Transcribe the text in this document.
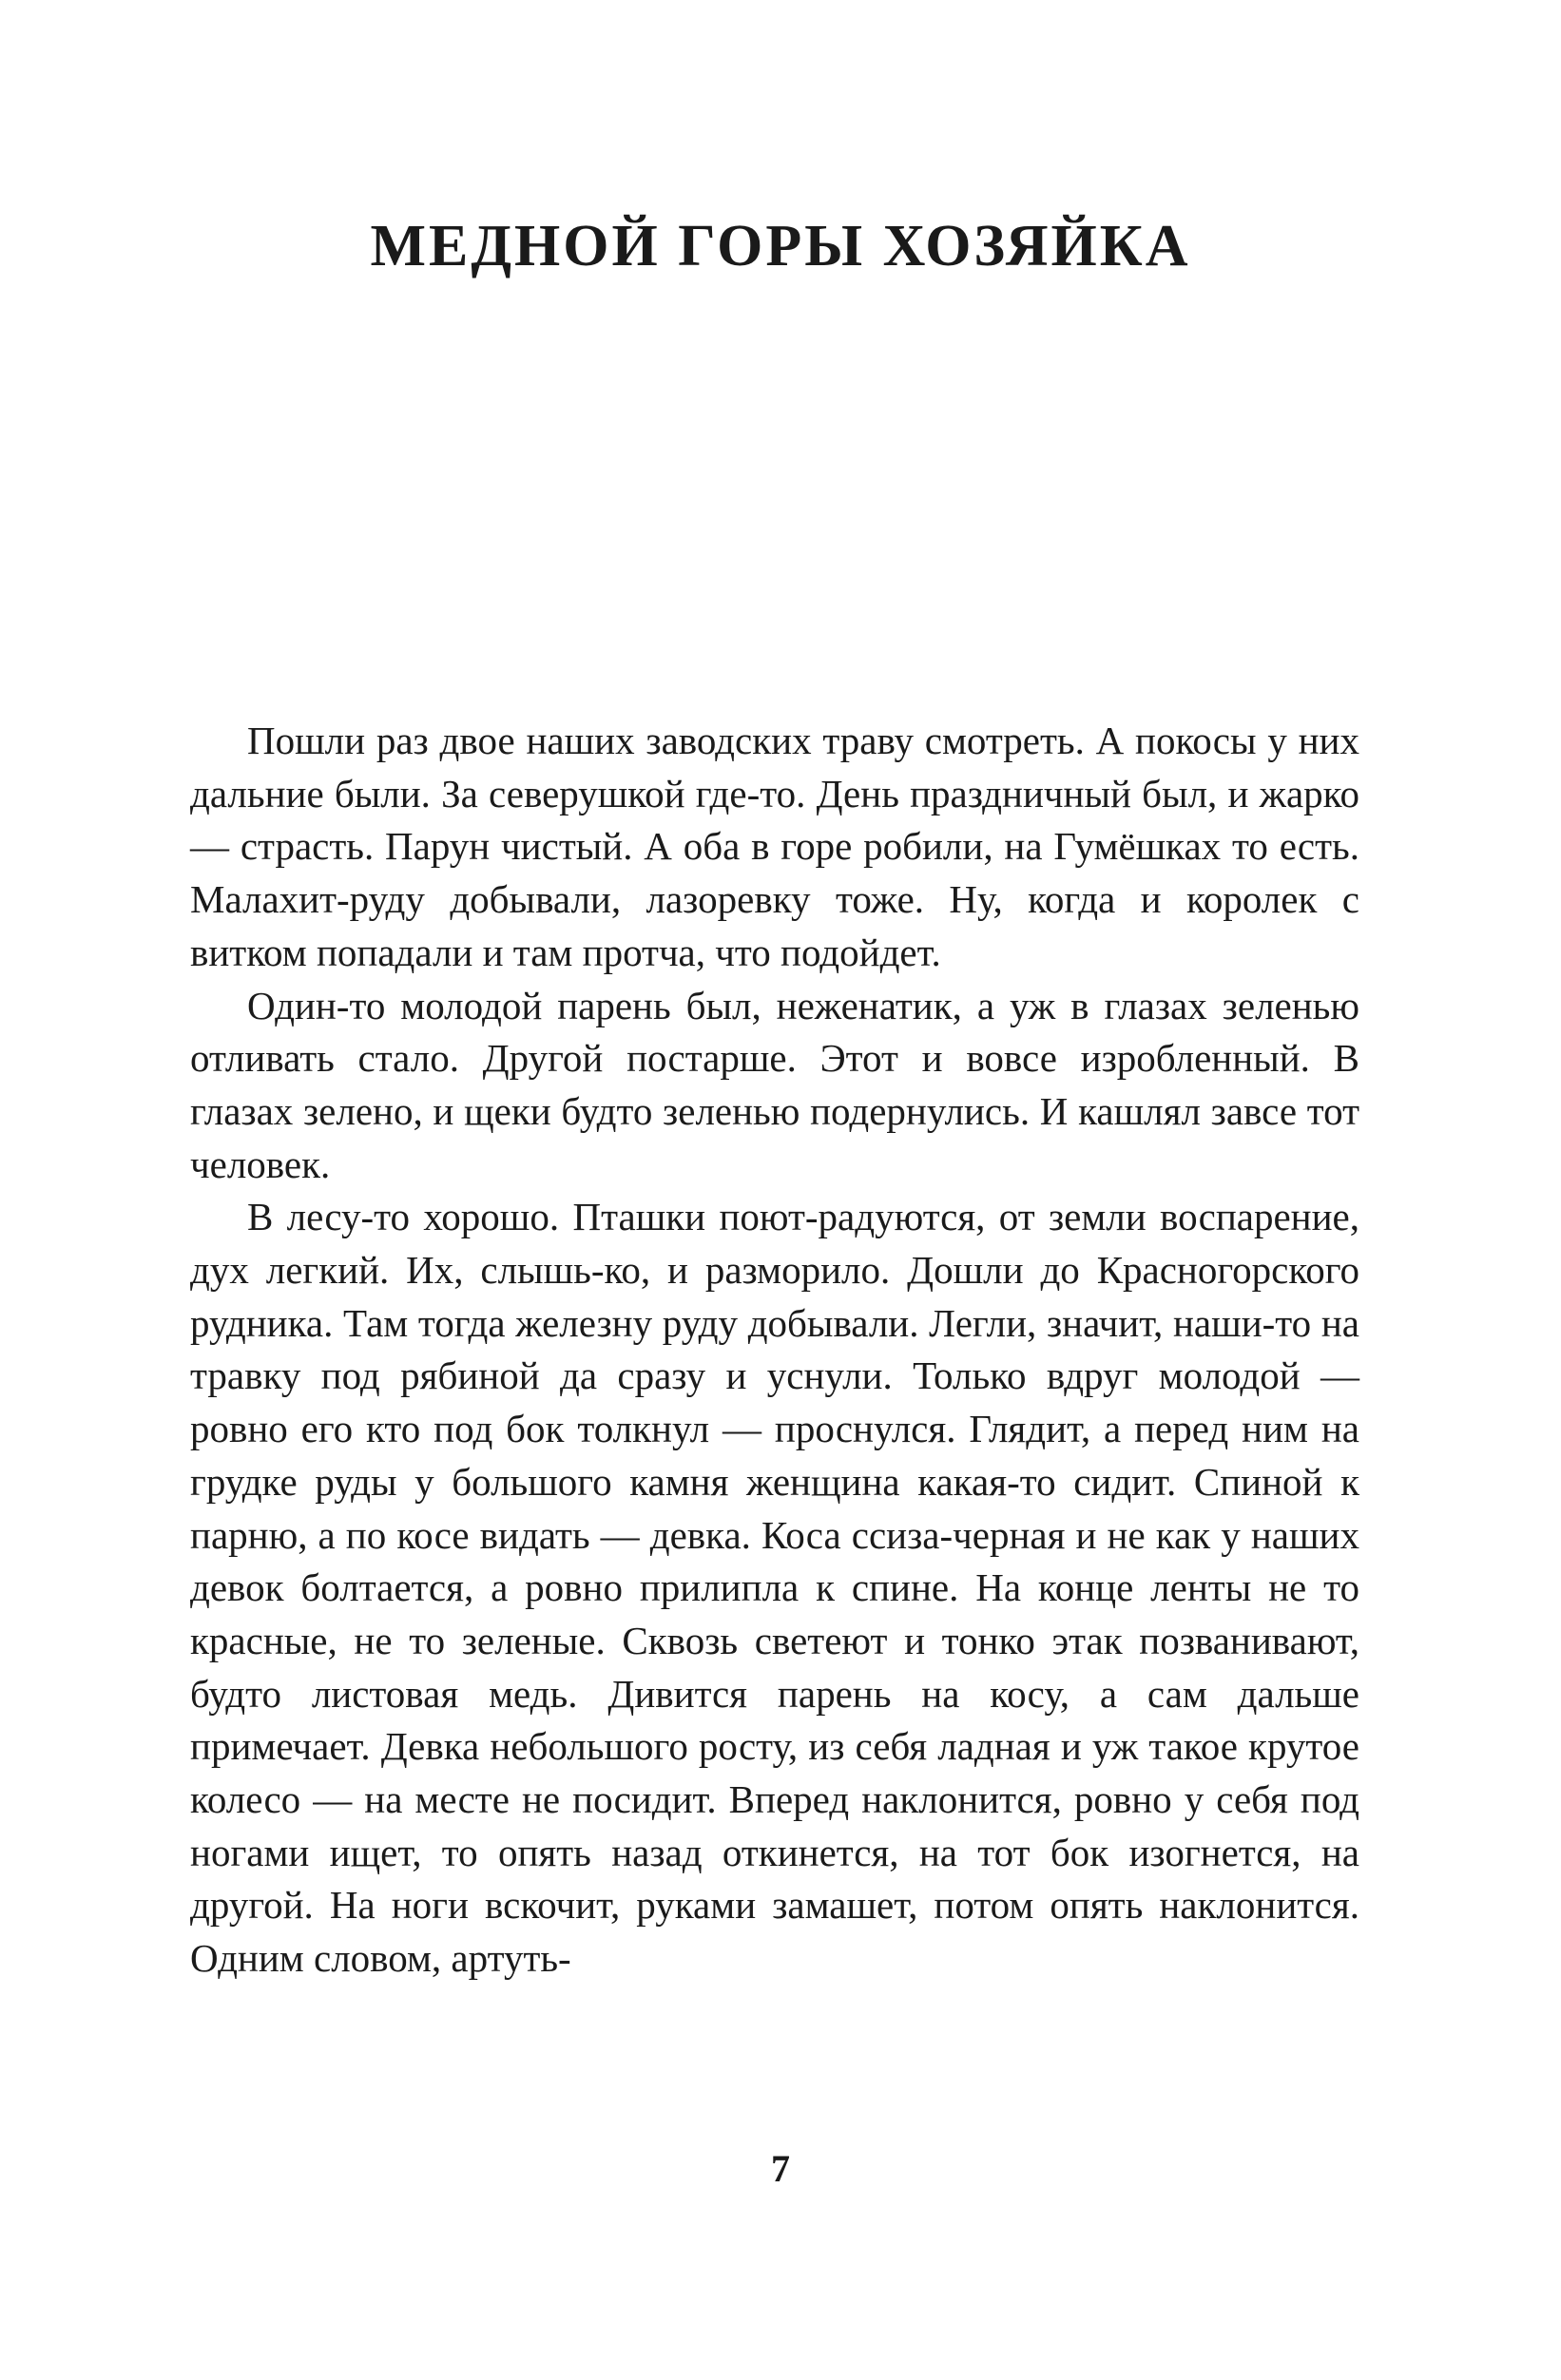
МЕДНОЙ ГОРЫ ХОЗЯЙКА

Пошли раз двое наших заводских траву смотреть. А покосы у них дальние были. За северушкой где-то. День праздничный был, и жарко — страсть. Парун чистый. А оба в горе робили, на Гумёшках то есть. Малахит-руду добывали, лазоревку тоже. Ну, когда и королек с витком попадали и там протча, что подойдет.

Один-то молодой парень был, неженатик, а уж в глазах зеленью отливать стало. Другой постарше. Этот и вовсе изробленный. В глазах зелено, и щеки будто зеленью подернулись. И кашлял завсе тот человек.

В лесу-то хорошо. Пташки поют-радуются, от земли воспарение, дух легкий. Их, слышь-ко, и разморило. Дошли до Красногорского рудника. Там тогда железну руду добывали. Легли, значит, наши-то на травку под рябиной да сразу и уснули. Только вдруг молодой — ровно его кто под бок толкнул — проснулся. Глядит, а перед ним на грудке руды у большого камня женщина какая-то сидит. Спиной к парню, а по косе видать — девка. Коса ссиза-черная и не как у наших девок болтается, а ровно прилипла к спине. На конце ленты не то красные, не то зеленые. Сквозь светеют и тонко этак позванивают, будто листовая медь. Дивится парень на косу, а сам дальше примечает. Девка небольшого росту, из себя ладная и уж такое крутое колесо — на месте не посидит. Вперед наклонится, ровно у себя под ногами ищет, то опять назад откинется, на тот бок изогнется, на другой. На ноги вскочит, руками замашет, потом опять наклонится. Одним словом, артуть-

7
